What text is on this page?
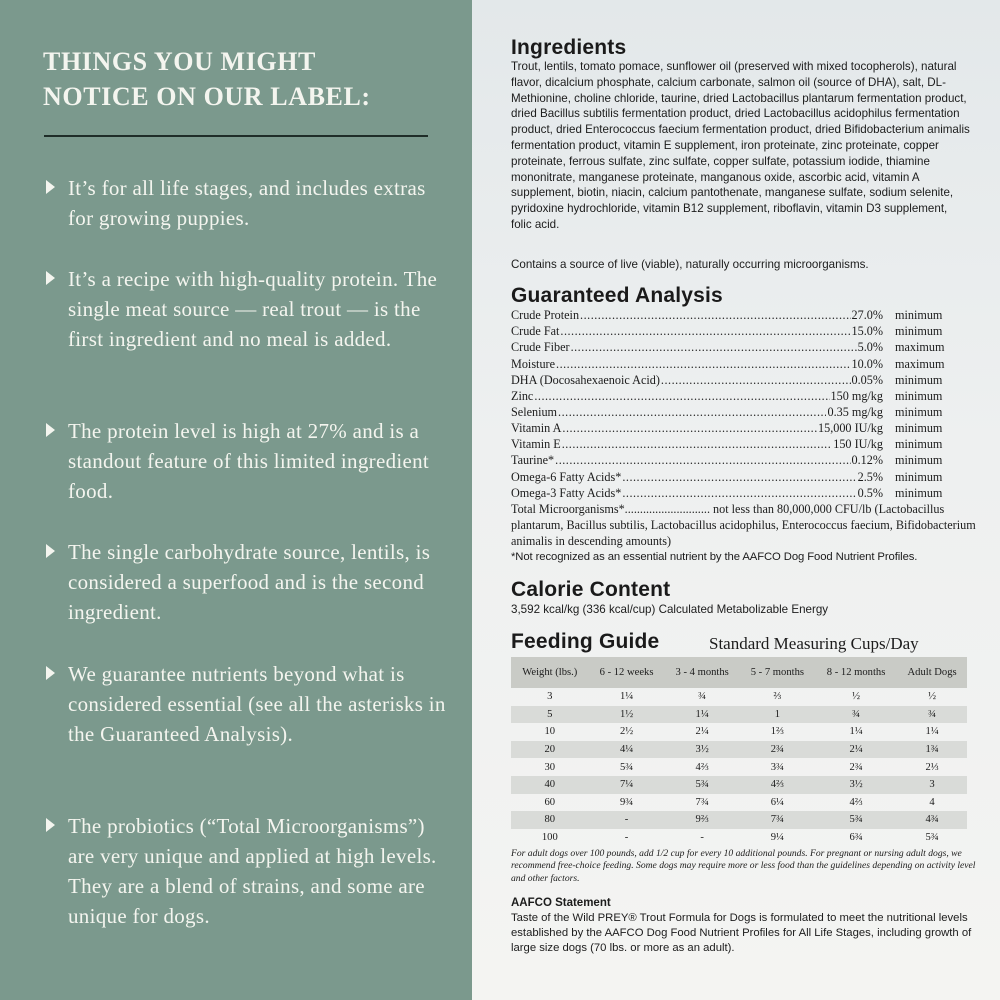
THINGS YOU MIGHT
NOTICE ON OUR LABEL:
It’s for all life stages, and includes extras for growing puppies.
It’s a recipe with high-quality protein. The single meat source — real trout — is the first ingredient and no meal is added.
The protein level is high at 27% and is a standout feature of this limited ingredient food.
The single carbohydrate source, lentils, is considered a superfood and is the second ingredient.
We guarantee nutrients beyond what is considered essential (see all the asterisks in the Guaranteed Analysis).
The probiotics (“Total Microorganisms”) are very unique and applied at high levels. They are a blend of strains, and some are unique for dogs.
Ingredients
Trout, lentils, tomato pomace, sunflower oil (preserved with mixed tocopherols), natural flavor, dicalcium phosphate, calcium carbonate, salmon oil (source of DHA), salt, DL-Methionine, choline chloride, taurine, dried Lactobacillus plantarum fermentation product, dried Bacillus subtilis fermentation product, dried Lactobacillus acidophilus fermentation product, dried Enterococcus faecium fermentation product, dried Bifidobacterium animalis fermentation product, vitamin E supplement, iron proteinate, zinc proteinate, copper proteinate, ferrous sulfate, zinc sulfate, copper sulfate, potassium iodide, thiamine mononitrate, manganese proteinate, manganous oxide, ascorbic acid, vitamin A supplement, biotin, niacin, calcium pantothenate, manganese sulfate, sodium selenite, pyridoxine hydrochloride, vitamin B12 supplement, riboflavin, vitamin D3 supplement, folic acid.
Contains a source of live (viable), naturally occurring microorganisms.
Guaranteed Analysis
Crude Protein .....	27.0% minimum
Crude Fat .....	15.0% minimum
Crude Fiber .....	5.0% maximum
Moisture .....	10.0% maximum
DHA (Docosahexaenoic Acid) .....	0.05% minimum
Zinc .....	150 mg/kg minimum
Selenium .....	0.35 mg/kg minimum
Vitamin A .....	15,000 IU/kg minimum
Vitamin E .....	150 IU/kg minimum
Taurine* .....	0.12% minimum
Omega-6 Fatty Acids* .....	2.5% minimum
Omega-3 Fatty Acids* .....	0.5% minimum
Total Microorganisms*............................ not less than 80,000,000 CFU/lb (Lactobacillus plantarum, Bacillus subtilis, Lactobacillus acidophilus, Enterococcus faecium, Bifidobacterium animalis in descending amounts)
*Not recognized as an essential nutrient by the AAFCO Dog Food Nutrient Profiles.
Calorie Content
3,592 kcal/kg (336 kcal/cup) Calculated Metabolizable Energy
Feeding Guide	Standard Measuring Cups/Day
Weight (lbs.)	6 - 12 weeks	3 - 4 months	5 - 7 months	8 - 12 months	Adult Dogs
3	1¼	¾	⅔	½	½
5	1½	1¼	1	¾	¾
10	2½	2¼	1⅔	1¼	1¼
20	4¼	3½	2¾	2¼	1¾
30	5¾	4⅔	3¾	2¾	2⅓
40	7¼	5¾	4⅔	3½	3
60	9¾	7¾	6¼	4⅔	4
80	-	9⅔	7¾	5¾	4¾
100	-	-	9¼	6¾	5¾
For adult dogs over 100 pounds, add 1/2 cup for every 10 additional pounds. For pregnant or nursing adult dogs, we recommend free-choice feeding. Some dogs may require more or less food than the guidelines depending on activity level and other factors.
AAFCO Statement
Taste of the Wild PREY® Trout Formula for Dogs is formulated to meet the nutritional levels established by the AAFCO Dog Food Nutrient Profiles for All Life Stages, including growth of large size dogs (70 lbs. or more as an adult).
